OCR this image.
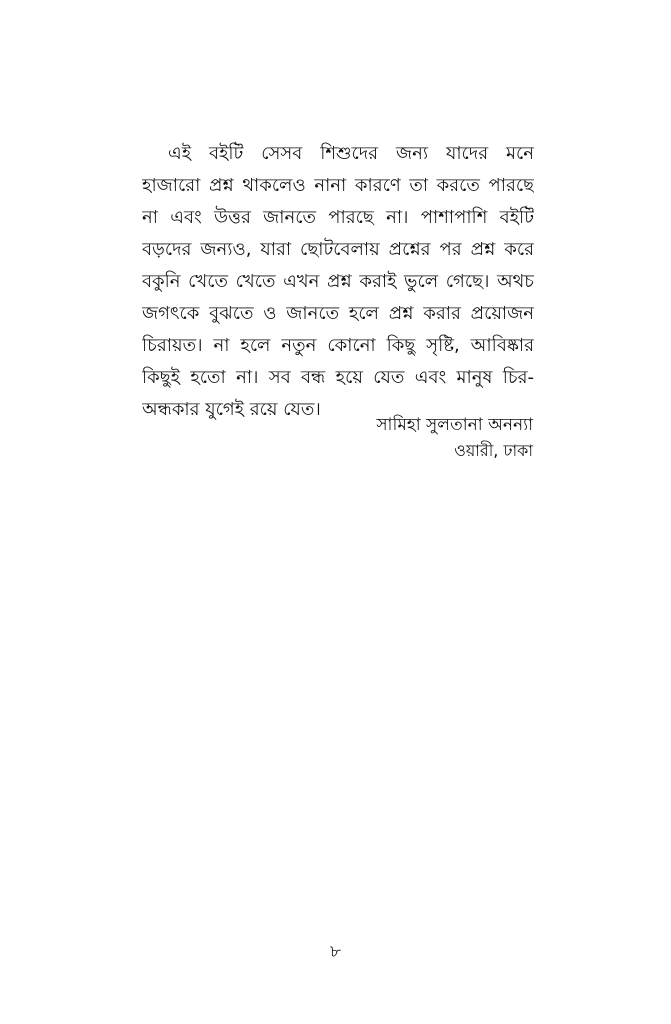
এই বইটি সেসব শিশুদের জন্য যাদের মনে
হাজারো প্রশ্ন থাকলেও নানা কারণে তা করতে পারছে
না এবং উত্তর জানতে পারছে না। পাশাপাশি বইটি
বড়দের জন্যও, যারা ছোটবেলায় প্রশ্নের পর প্রশ্ন করে
বকুনি খেতে খেতে এখন প্রশ্ন করাই ভুলে গেছে। অথচ
জগৎকে বুঝতে ও জানতে হলে প্রশ্ন করার প্রয়োজন
চিরায়ত। না হলে নতুন কোনো কিছু সৃষ্টি, আবিষ্কার
কিছুই হতো না। সব বন্ধ হয়ে যেত এবং মানুষ চির-
অন্ধকার যুগেই রয়ে যেত।
সামিহা সুলতানা অনন্যা
ওয়ারী, ঢাকা
৮
